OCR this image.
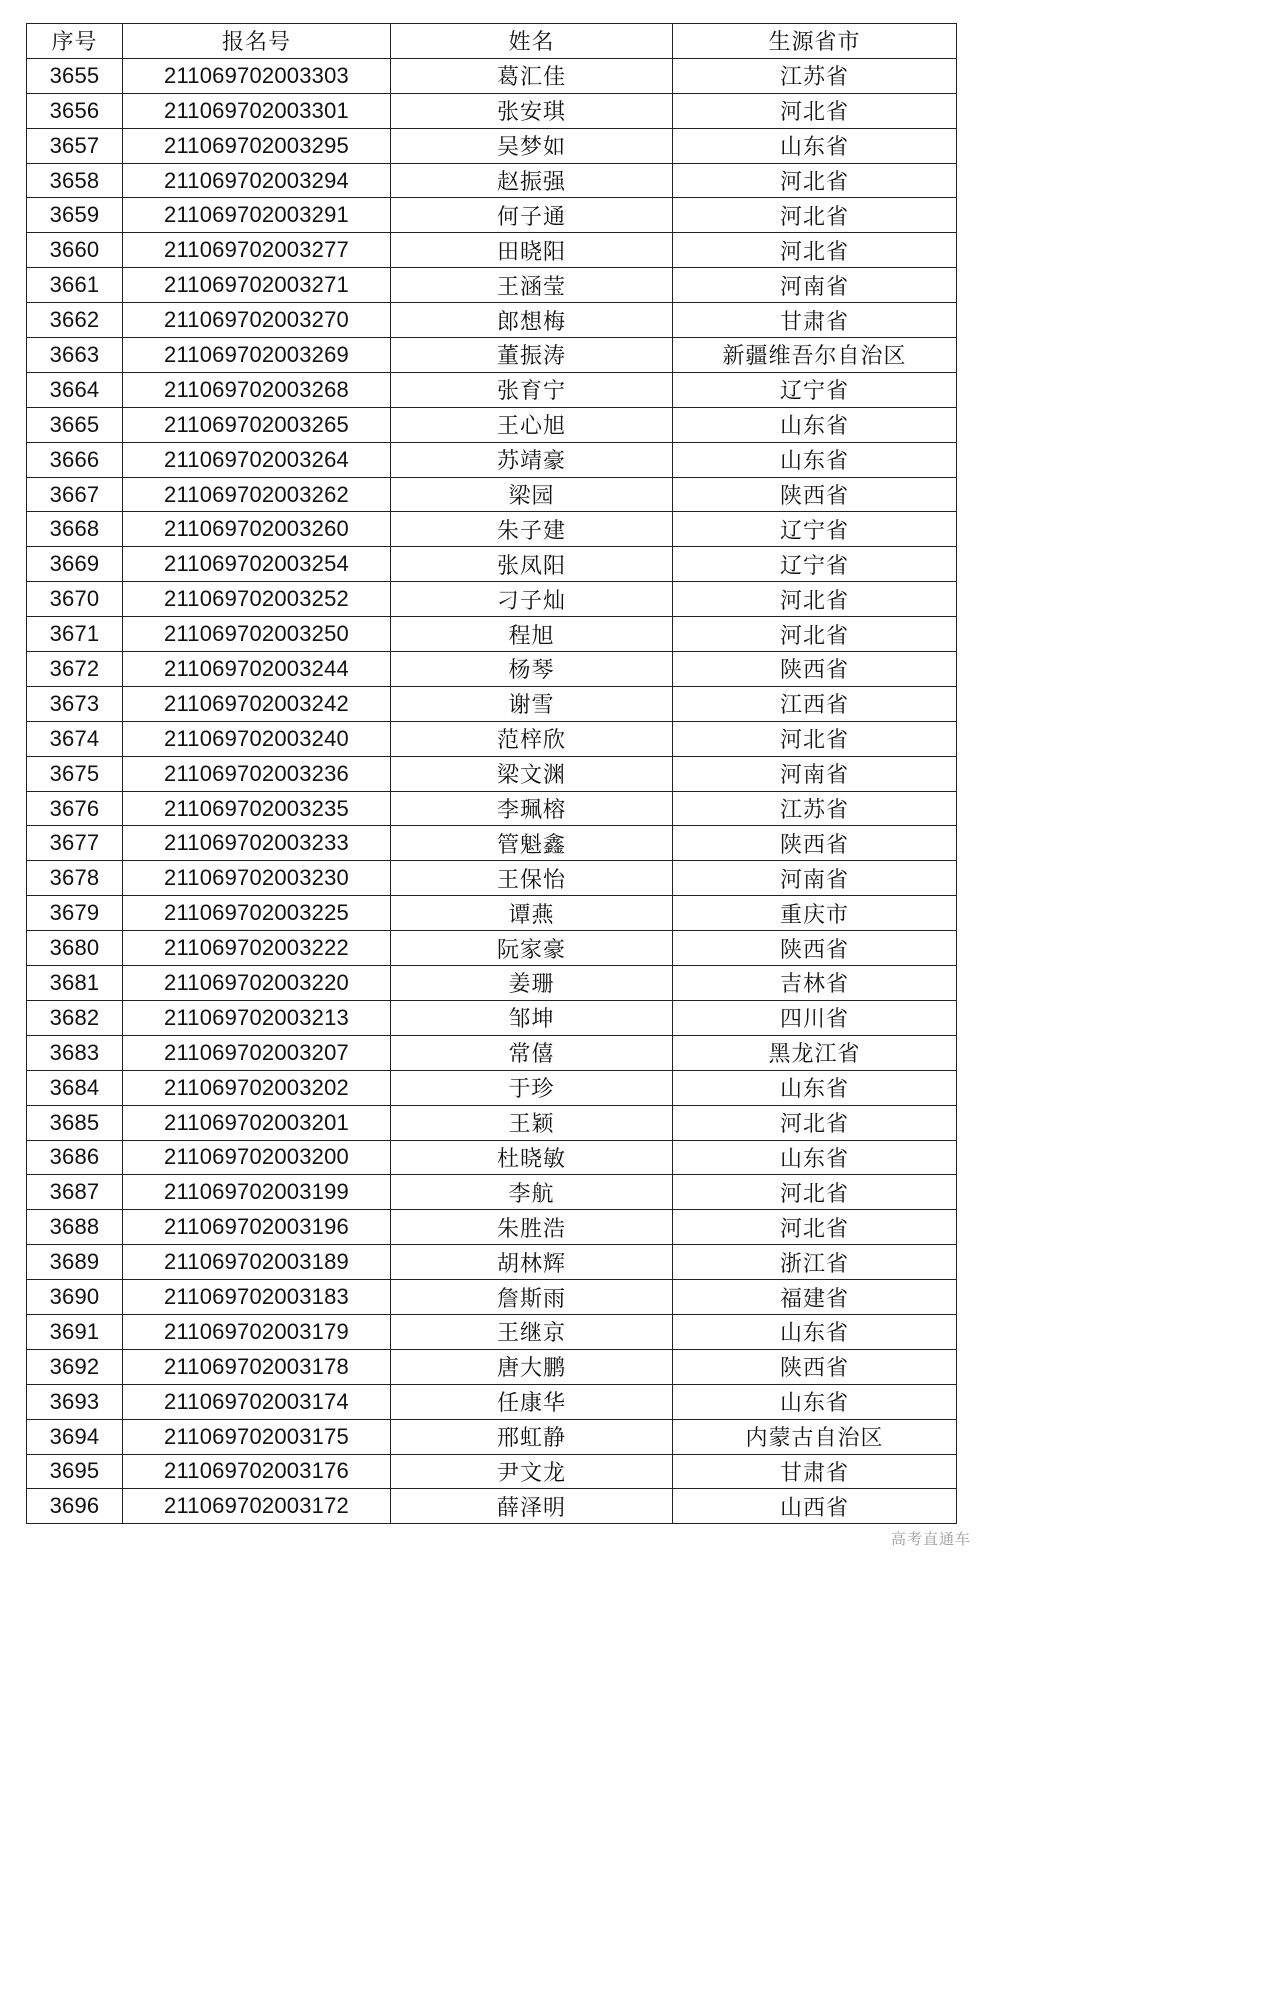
序号	报名号	姓名	生源省市
3655	211069702003303	葛汇佳	江苏省
3656	211069702003301	张安琪	河北省
3657	211069702003295	吴梦如	山东省
3658	211069702003294	赵振强	河北省
3659	211069702003291	何子通	河北省
3660	211069702003277	田晓阳	河北省
3661	211069702003271	王涵莹	河南省
3662	211069702003270	郎想梅	甘肃省
3663	211069702003269	董振涛	新疆维吾尔自治区
3664	211069702003268	张育宁	辽宁省
3665	211069702003265	王心旭	山东省
3666	211069702003264	苏靖豪	山东省
3667	211069702003262	梁园	陕西省
3668	211069702003260	朱子建	辽宁省
3669	211069702003254	张凤阳	辽宁省
3670	211069702003252	刁子灿	河北省
3671	211069702003250	程旭	河北省
3672	211069702003244	杨琴	陕西省
3673	211069702003242	谢雪	江西省
3674	211069702003240	范梓欣	河北省
3675	211069702003236	梁文渊	河南省
3676	211069702003235	李珮榕	江苏省
3677	211069702003233	管魁鑫	陕西省
3678	211069702003230	王保怡	河南省
3679	211069702003225	谭燕	重庆市
3680	211069702003222	阮家豪	陕西省
3681	211069702003220	姜珊	吉林省
3682	211069702003213	邹坤	四川省
3683	211069702003207	常僖	黑龙江省
3684	211069702003202	于珍	山东省
3685	211069702003201	王颖	河北省
3686	211069702003200	杜晓敏	山东省
3687	211069702003199	李航	河北省
3688	211069702003196	朱胜浩	河北省
3689	211069702003189	胡林辉	浙江省
3690	211069702003183	詹斯雨	福建省
3691	211069702003179	王继京	山东省
3692	211069702003178	唐大鹏	陕西省
3693	211069702003174	任康华	山东省
3694	211069702003175	邢虹静	内蒙古自治区
3695	211069702003176	尹文龙	甘肃省
3696	211069702003172	薛泽明	山西省
高考直通车
